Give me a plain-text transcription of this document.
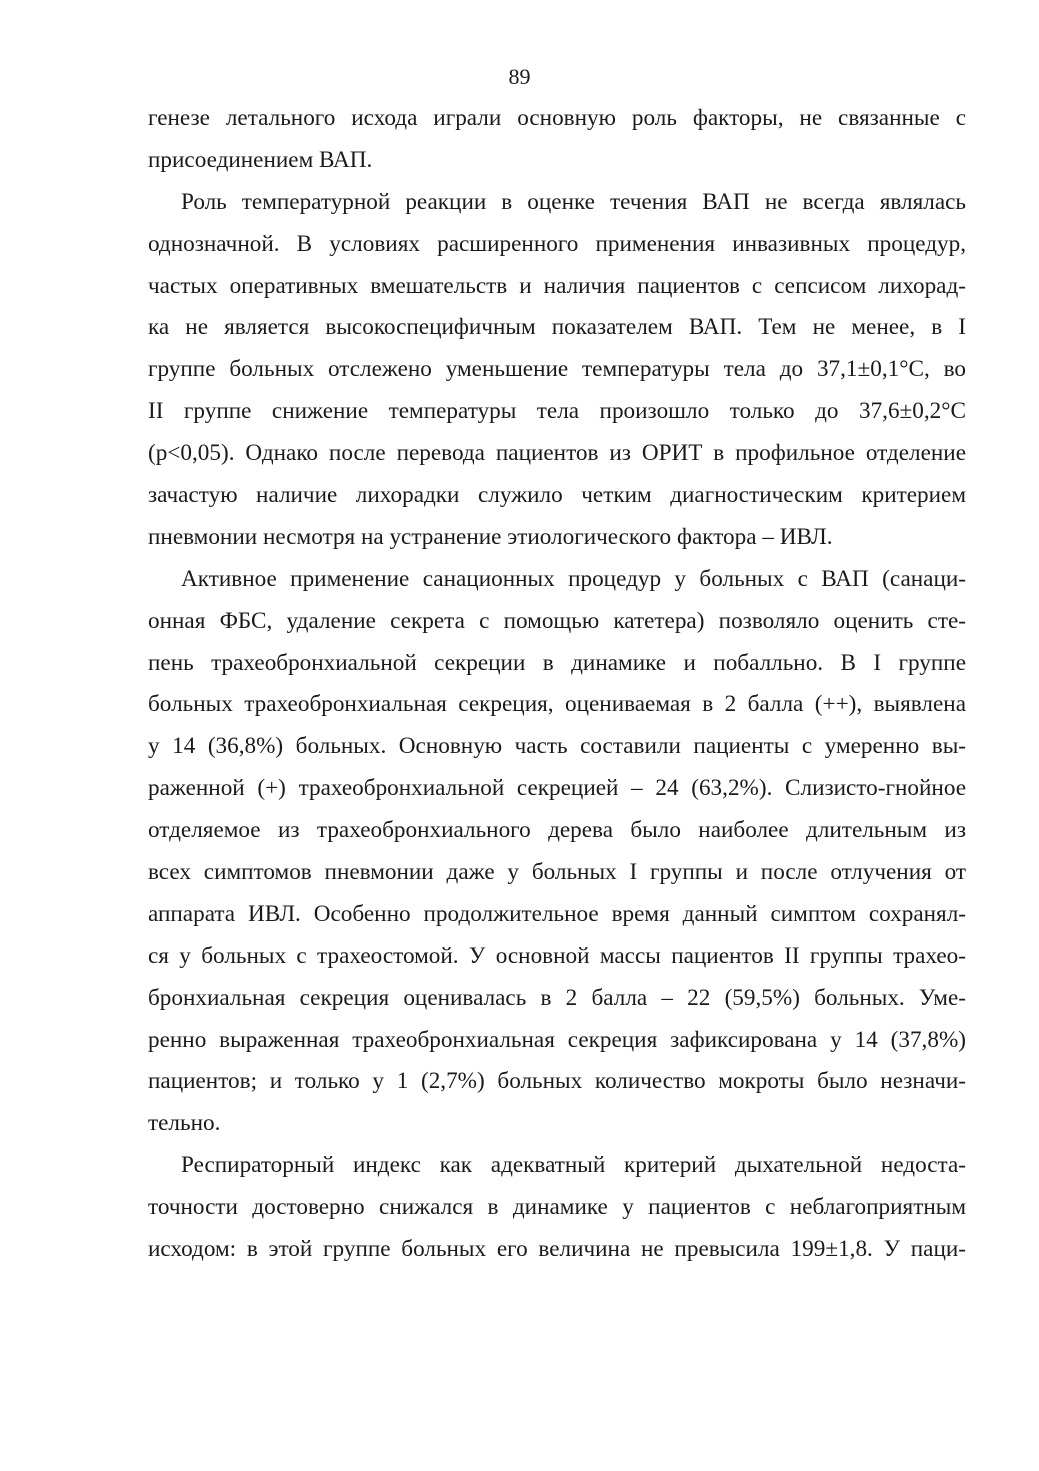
89
генезе летального исхода играли основную роль факторы, не связанные с
присоединением ВАП.
Роль температурной реакции в оценке течения ВАП не всегда являлась
однозначной. В условиях расширенного применения инвазивных процедур,
частых оперативных вмешательств и наличия пациентов с сепсисом лихорад-
ка не является высокоспецифичным показателем ВАП. Тем не менее, в I
группе больных отслежено уменьшение температуры тела до 37,1±0,1°С, во
II группе снижение температуры тела произошло только до 37,6±0,2°С
(p<0,05). Однако после перевода пациентов из ОРИТ в профильное отделение
зачастую наличие лихорадки служило четким диагностическим критерием
пневмонии несмотря на устранение этиологического фактора – ИВЛ.
Активное применение санационных процедур у больных с ВАП (санаци-
онная ФБС, удаление секрета с помощью катетера) позволяло оценить сте-
пень трахеобронхиальной секреции в динамике и побалльно. В I группе
больных трахеобронхиальная секреция, оцениваемая в 2 балла (++), выявлена
у 14 (36,8%) больных. Основную часть составили пациенты с умеренно вы-
раженной (+) трахеобронхиальной секрецией – 24 (63,2%). Слизисто-гнойное
отделяемое из трахеобронхиального дерева было наиболее длительным из
всех симптомов пневмонии даже у больных I группы и после отлучения от
аппарата ИВЛ. Особенно продолжительное время данный симптом сохранял-
ся у больных с трахеостомой. У основной массы пациентов II группы трахео-
бронхиальная секреция оценивалась в 2 балла – 22 (59,5%) больных. Уме-
ренно выраженная трахеобронхиальная секреция зафиксирована у 14 (37,8%)
пациентов; и только у 1 (2,7%) больных количество мокроты было незначи-
тельно.
Респираторный индекс как адекватный критерий дыхательной недоста-
точности достоверно снижался в динамике у пациентов с неблагоприятным
исходом: в этой группе больных его величина не превысила 199±1,8. У паци-
